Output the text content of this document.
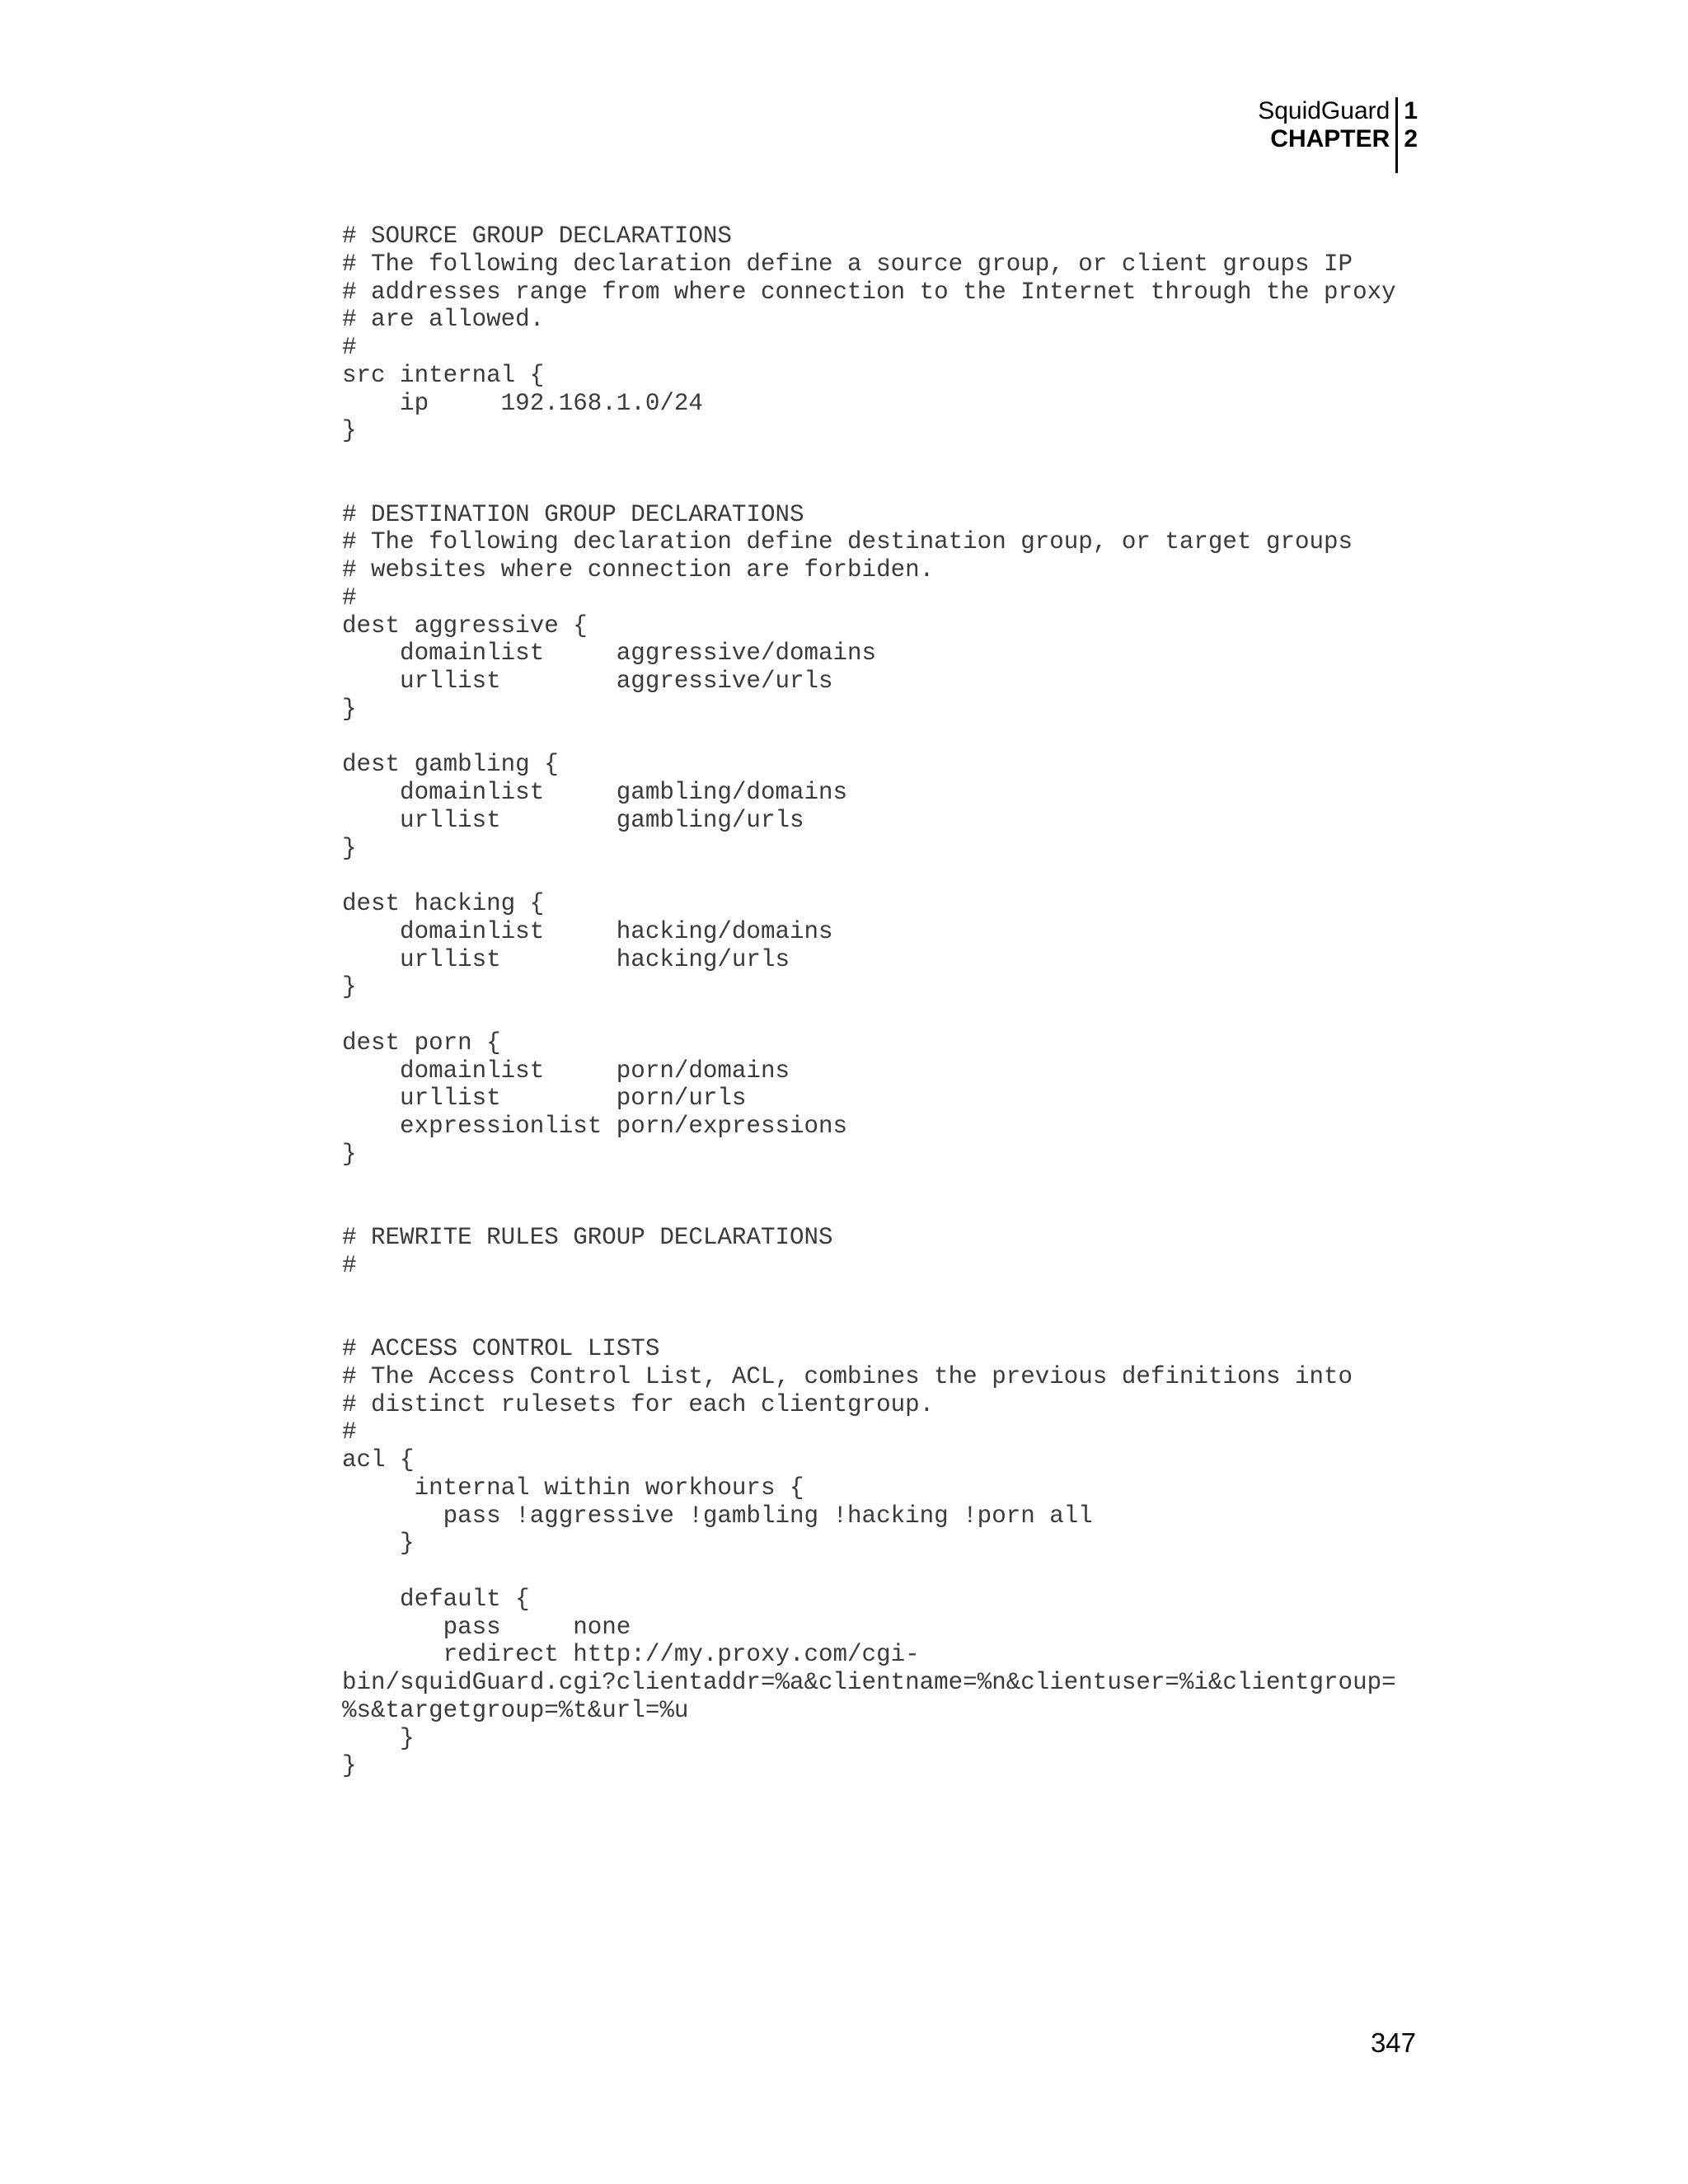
SquidGuard
CHAPTER
1
2
# SOURCE GROUP DECLARATIONS
# The following declaration define a source group, or client groups IP
# addresses range from where connection to the Internet through the proxy
# are allowed.
#
src internal {
ip     192.168.1.0/24
}
# DESTINATION GROUP DECLARATIONS
# The following declaration define destination group, or target groups
# websites where connection are forbiden.
#
dest aggressive {
domainlist     aggressive/domains
urllist        aggressive/urls
}
dest gambling {
domainlist     gambling/domains
urllist        gambling/urls
}
dest hacking {
domainlist     hacking/domains
urllist        hacking/urls
}
dest porn {
domainlist     porn/domains
urllist        porn/urls
expressionlist porn/expressions
}
# REWRITE RULES GROUP DECLARATIONS
#
# ACCESS CONTROL LISTS
# The Access Control List, ACL, combines the previous definitions into
# distinct rulesets for each clientgroup.
#
acl {
internal within workhours {
pass !aggressive !gambling !hacking !porn all
}
default {
pass     none
redirect http://my.proxy.com/cgi-
bin/squidGuard.cgi?clientaddr=%a&clientname=%n&clientuser=%i&clientgroup=
%s&targetgroup=%t&url=%u
}
}
347
